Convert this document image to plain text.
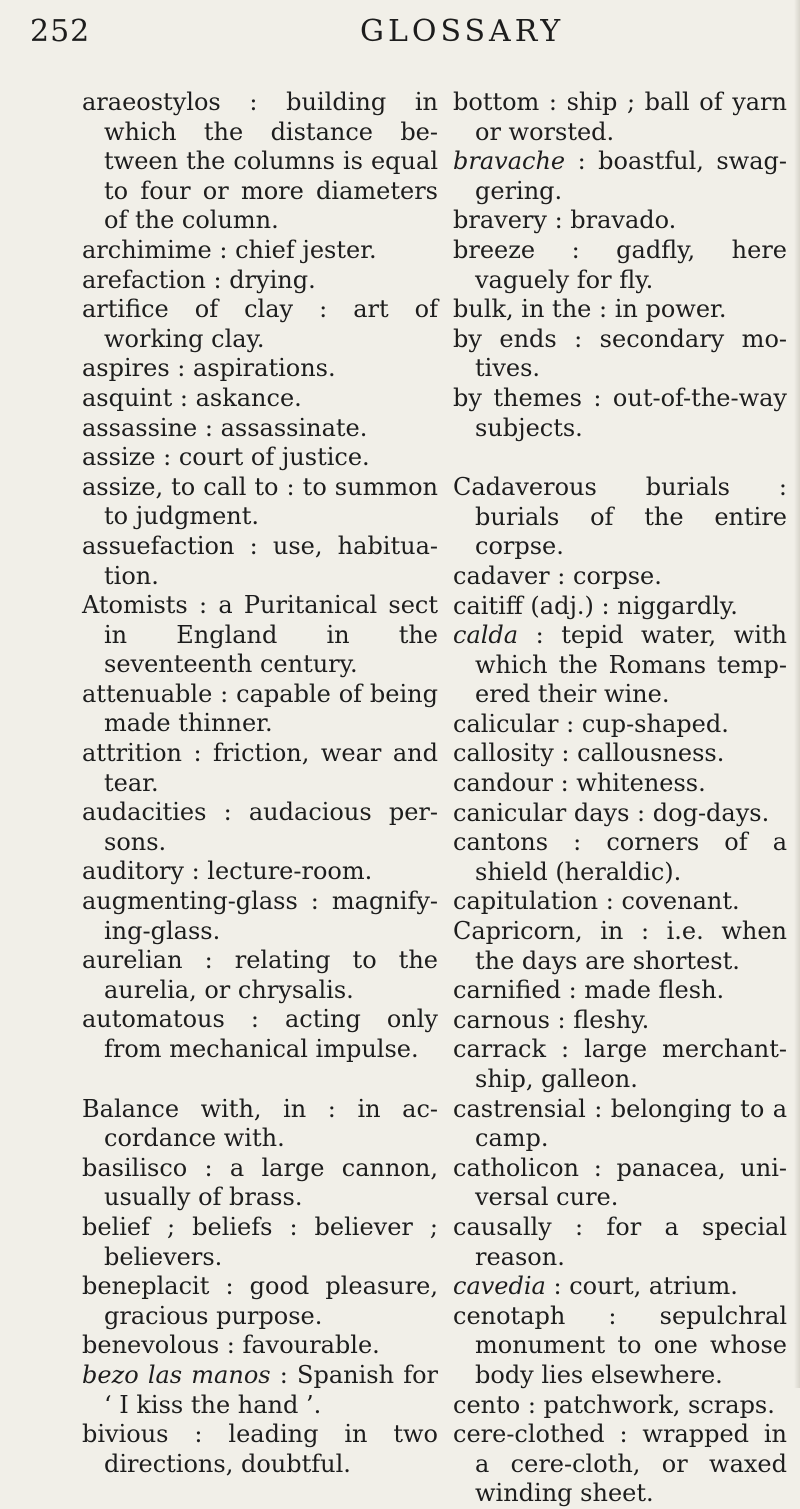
252	GLOSSARY

araeostylos : building in which the distance between the columns is equal to four or more diameters of the column.

archimime : chief jester.

arefaction : drying.

artifice of clay : art of working clay.

aspires : aspirations.

asquint : askance.

assassine : assassinate.

assize : court of justice.

assize, to call to : to summon to judgment.

assuefaction : use, habituation.

Atomists : a Puritanical sect in England in the seventeenth century.

attenuable : capable of being made thinner.

attrition : friction, wear and tear.

audacities : audacious persons.

auditory : lecture-room.

augmenting-glass : magnifying-glass.

aurelian : relating to the aurelia, or chrysalis.

automatous : acting only from mechanical impulse.

Balance with, in : in accordance with.

basilisco : a large cannon, usually of brass.

belief ; beliefs : believer ; believers.

beneplacit : good pleasure, gracious purpose.

benevolous : favourable.

bezo las manos : Spanish for ‘ I kiss the hand ’.

bivious : leading in two directions, doubtful.

bottom : ship ; ball of yarn or worsted.

bravache : boastful, swaggering.

bravery : bravado.

breeze : gadfly, here vaguely for fly.

bulk, in the : in power.

by ends : secondary motives.

by themes : out-of-the-way subjects.

Cadaverous burials : burials of the entire corpse.

cadaver : corpse.

caitiff (adj.) : niggardly.

calda : tepid water, with which the Romans tempered their wine.

calicular : cup-shaped.

callosity : callousness.

candour : whiteness.

canicular days : dog-days.

cantons : corners of a shield (heraldic).

capitulation : covenant.

Capricorn, in : i.e. when the days are shortest.

carnified : made flesh.

carnous : fleshy.

carrack : large merchantship, galleon.

castrensial : belonging to a camp.

catholicon : panacea, universal cure.

causally : for a special reason.

cavedia : court, atrium.

cenotaph : sepulchral monument to one whose body lies elsewhere.

cento : patchwork, scraps.

cere-clothed : wrapped in a cere-cloth, or waxed winding sheet.
